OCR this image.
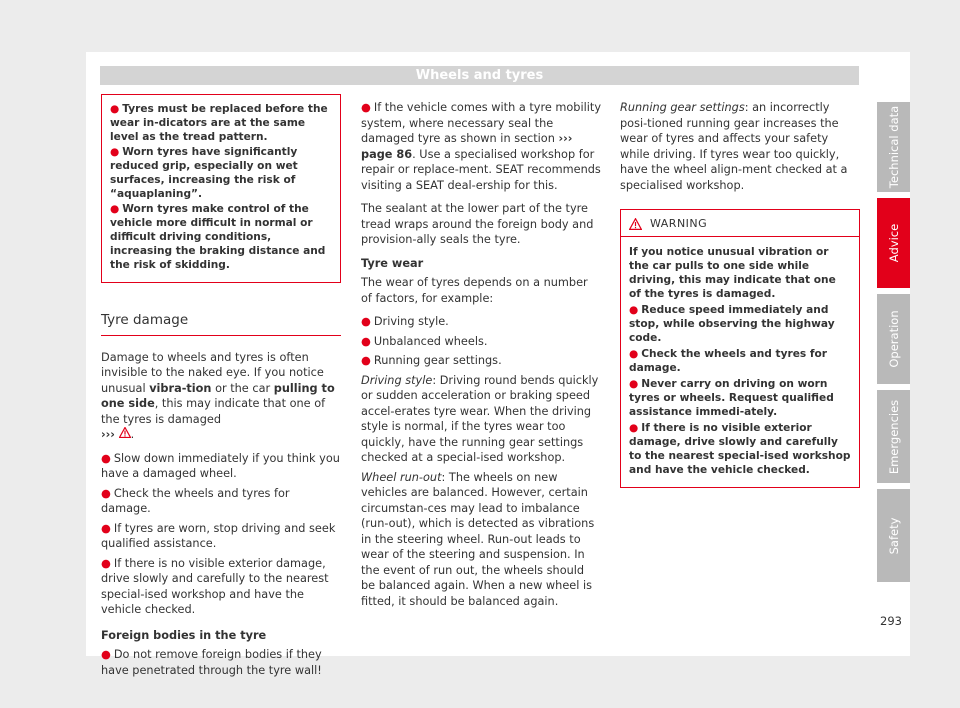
Wheels and tyres

● Tyres must be replaced before the wear in-dicators are at the same level as the tread pattern.

● Worn tyres have significantly reduced grip, especially on wet surfaces, increasing the risk of “aquaplaning”.

● Worn tyres make control of the vehicle more difficult in normal or difficult driving conditions, increasing the braking distance and the risk of skidding.

Tyre damage

Damage to wheels and tyres is often invisible to the naked eye. If you notice unusual vibra-tion or the car pulling to one side, this may indicate that one of the tyres is damaged
››› .

● Slow down immediately if you think you have a damaged wheel.

● Check the wheels and tyres for damage.

● If tyres are worn, stop driving and seek qualified assistance.

● If there is no visible exterior damage, drive slowly and carefully to the nearest special-ised workshop and have the vehicle checked.

Foreign bodies in the tyre

● Do not remove foreign bodies if they have penetrated through the tyre wall!

● If the vehicle comes with a tyre mobility system, where necessary seal the damaged tyre as shown in section ››› page 86. Use a specialised workshop for repair or replace-ment. SEAT recommends visiting a SEAT deal-ership for this.

The sealant at the lower part of the tyre tread wraps around the foreign body and provision-ally seals the tyre.

Tyre wear

The wear of tyres depends on a number of factors, for example:

● Driving style.

● Unbalanced wheels.

● Running gear settings.

Driving style: Driving round bends quickly or sudden acceleration or braking speed accel-erates tyre wear. When the driving style is normal, if the tyres wear too quickly, have the running gear settings checked at a special-ised workshop.

Wheel run-out: The wheels on new vehicles are balanced. However, certain circumstan-ces may lead to imbalance (run-out), which is detected as vibrations in the steering wheel. Run-out leads to wear of the steering and suspension. In the event of run out, the wheels should be balanced again. When a new wheel is fitted, it should be balanced again.

Running gear settings: an incorrectly posi-tioned running gear increases the wear of tyres and affects your safety while driving. If tyres wear too quickly, have the wheel align-ment checked at a specialised workshop.

WARNING

If you notice unusual vibration or the car pulls to one side while driving, this may indicate that one of the tyres is damaged.

● Reduce speed immediately and stop, while observing the highway code.

● Check the wheels and tyres for damage.

● Never carry on driving on worn tyres or wheels. Request qualified assistance immedi-ately.

● If there is no visible exterior damage, drive slowly and carefully to the nearest special-ised workshop and have the vehicle checked.

Technical data
Advice
Operation
Emergencies
Safety
293
